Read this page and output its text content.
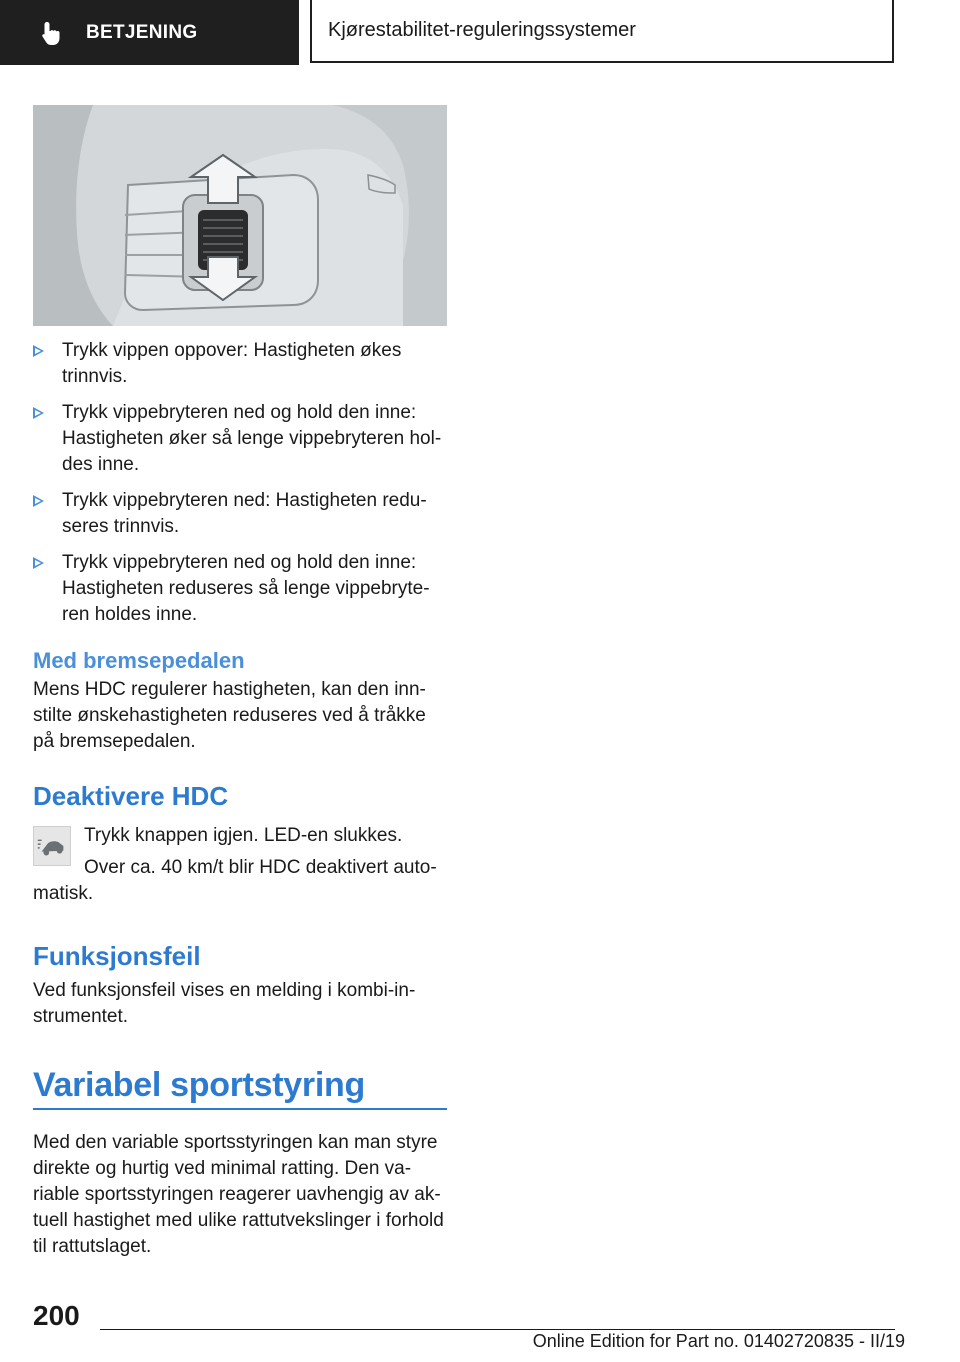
BETJENING	Kjørestabilitet-reguleringssystemer
Trykk vippen oppover: Hastigheten økes trinnvis.
Trykk vippebryteren ned og hold den inne: Hastigheten øker så lenge vippebryteren hol-des inne.
Trykk vippebryteren ned: Hastigheten redu-seres trinnvis.
Trykk vippebryteren ned og hold den inne: Hastigheten reduseres så lenge vippebryte-ren holdes inne.
Med bremsepedalen

Mens HDC regulerer hastigheten, kan den inn-stilte ønskehastigheten reduseres ved å tråkke på bremsepedalen.

Deaktivere HDC

Trykk knappen igjen. LED-en slukkes.

Over ca. 40 km/t blir HDC deaktivert auto-matisk.

Funksjonsfeil

Ved funksjonsfeil vises en melding i kombi-in-strumentet.

Variabel sportstyring

Med den variable sportsstyringen kan man styre direkte og hurtig ved minimal ratting. Den va-riable sportsstyringen reagerer uavhengig av ak-tuell hastighet med ulike rattutvekslinger i forhold til rattutslaget.

200
Online Edition for Part no. 01402720835 - II/19
